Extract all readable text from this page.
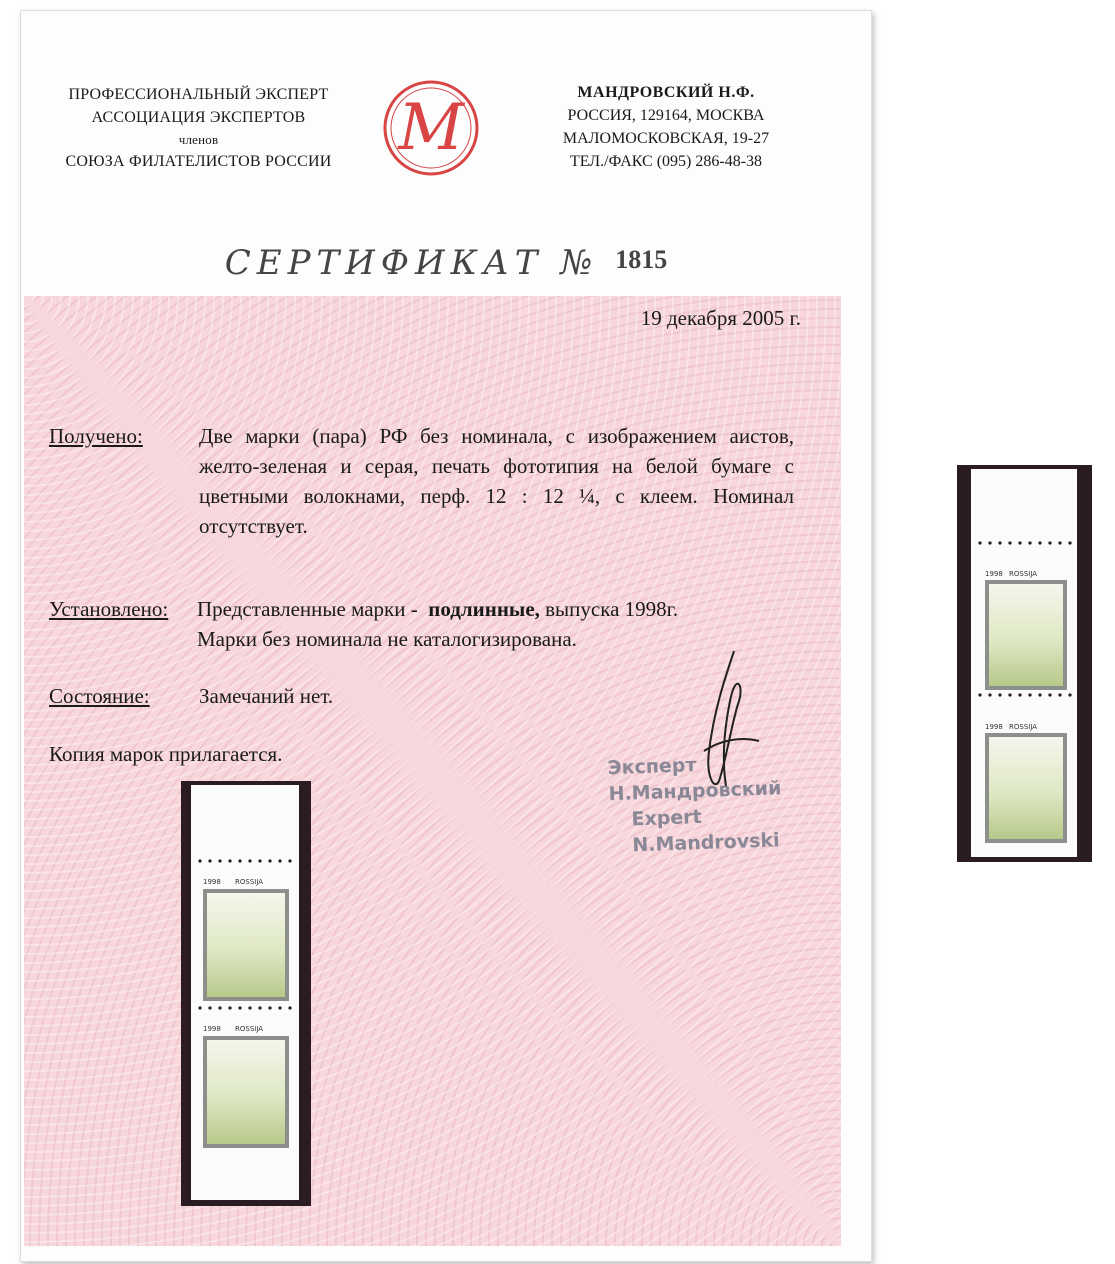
ПРОФЕССИОНАЛЬНЫЙ ЭКСПЕРТ
АССОЦИАЦИЯ ЭКСПЕРТОВ
членов
СОЮЗА ФИЛАТЕЛИСТОВ РОССИИ M	МАНДРОВСКИЙ Н.Ф.
РОССИЯ, 129164, МОСКВА
МАЛОМОСКОВСКАЯ, 19-27
ТЕЛ./ФАКС (095) 286-48-38
СЕРТИФИКАТ № 1815
19 декабря 2005 г.
Получено:	Две марки (пара) РФ без номинала, с изображением аистов, желто-зеленая и серая, печать фототипия на белой бумаге с цветными волокнами, перф. 12 : 12 ¼, с клеем. Номинал отсутствует.
Установлено: Представленные марки - подлинные, выпуска 1998г.
Марки без номинала не каталогизирована.
Состояние: Замечаний нет.
Копия марок прилагается.
Эксперт Н.Мандровский
Expert N.Mandrovski
1998 ROSSIJA
1998 ROSSIJA
1998 ROSSIJA
1998 ROSSIJA
